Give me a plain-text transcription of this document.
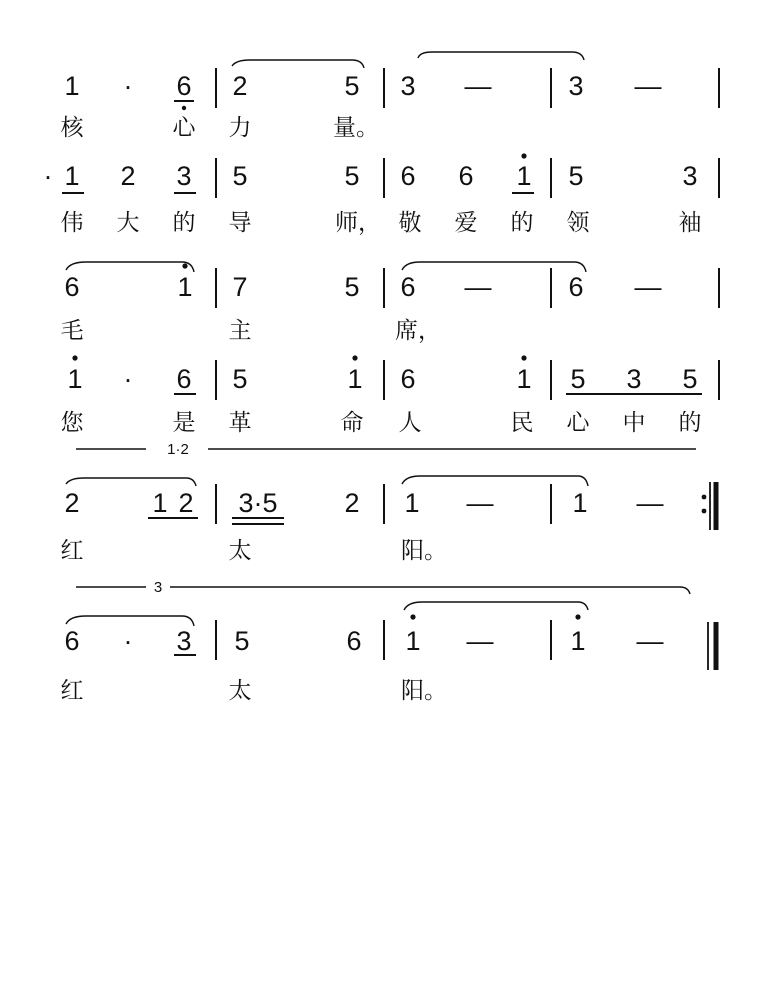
1 · 6 2	5 3 —	3 —
核	心 力	量。
· 1 2 3 5	5 6 6 1 5	3
伟 大 的 导	师， 敬 爱 的 领	袖
6	1 7	5 6 —	6 —
毛	主	席，
1 · 6 5	1 6	1 5 3 5
您	是 革	命 人	民 心 中 的
1·2
2	1 2 3·5 2 1 —	1 —
红	太	阳。
3
6 · 3 5	6 1 —	1 —
红	太	阳。
